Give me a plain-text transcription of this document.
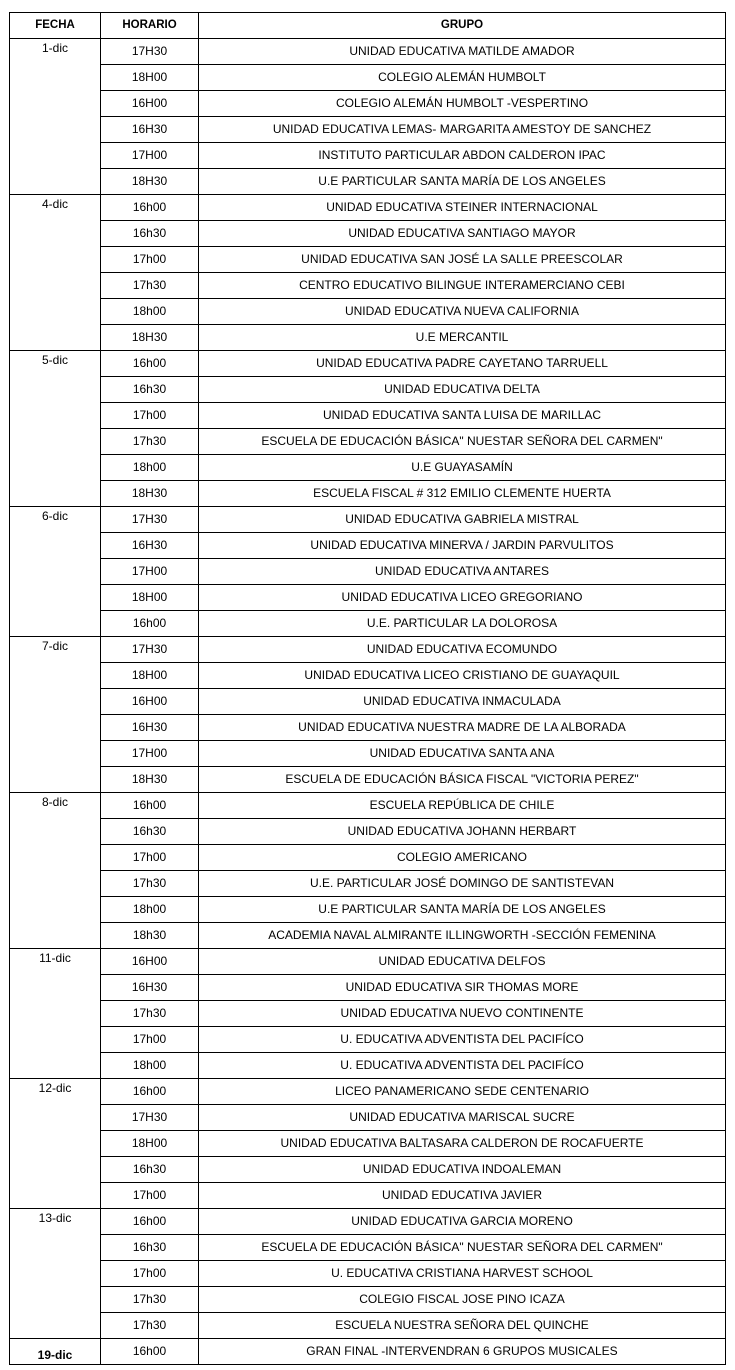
FECHA	HORARIO	GRUPO
1-dic	17H30	UNIDAD EDUCATIVA MATILDE AMADOR
	18H00	COLEGIO ALEMÁN HUMBOLT
	16H00	COLEGIO ALEMÁN HUMBOLT -VESPERTINO
	16H30	UNIDAD EDUCATIVA LEMAS- MARGARITA AMESTOY DE SANCHEZ
	17H00	INSTITUTO PARTICULAR ABDON CALDERON IPAC
	18H30	U.E PARTICULAR SANTA MARÍA DE LOS ANGELES
4-dic	16h00	UNIDAD EDUCATIVA STEINER INTERNACIONAL
	16h30	UNIDAD EDUCATIVA SANTIAGO MAYOR
	17h00	UNIDAD EDUCATIVA SAN JOSÉ LA SALLE PREESCOLAR
	17h30	CENTRO EDUCATIVO BILINGUE INTERAMERCIANO CEBI
	18h00	UNIDAD EDUCATIVA NUEVA CALIFORNIA
	18H30	U.E MERCANTIL
5-dic	16h00	UNIDAD EDUCATIVA PADRE CAYETANO TARRUELL
	16h30	UNIDAD EDUCATIVA DELTA
	17h00	UNIDAD EDUCATIVA SANTA LUISA DE MARILLAC
	17h30	ESCUELA DE EDUCACIÓN BÁSICA" NUESTAR SEÑORA DEL CARMEN"
	18h00	U.E GUAYASAMÍN
	18H30	ESCUELA FISCAL # 312 EMILIO CLEMENTE HUERTA
6-dic	17H30	UNIDAD EDUCATIVA GABRIELA MISTRAL
	16H30	UNIDAD EDUCATIVA MINERVA / JARDIN PARVULITOS
	17H00	UNIDAD EDUCATIVA ANTARES
	18H00	UNIDAD EDUCATIVA LICEO GREGORIANO
	16h00	U.E. PARTICULAR LA DOLOROSA
7-dic	17H30	UNIDAD EDUCATIVA ECOMUNDO
	18H00	UNIDAD EDUCATIVA LICEO CRISTIANO DE GUAYAQUIL
	16H00	UNIDAD EDUCATIVA INMACULADA
	16H30	UNIDAD EDUCATIVA NUESTRA MADRE DE LA ALBORADA
	17H00	UNIDAD EDUCATIVA SANTA ANA
	18H30	ESCUELA DE EDUCACIÓN BÁSICA FISCAL "VICTORIA PEREZ"
8-dic	16h00	ESCUELA REPÚBLICA DE CHILE
	16h30	UNIDAD EDUCATIVA JOHANN HERBART
	17h00	COLEGIO AMERICANO
	17h30	U.E. PARTICULAR JOSÉ DOMINGO DE SANTISTEVAN
	18h00	U.E PARTICULAR SANTA MARÍA DE LOS ANGELES
	18h30	ACADEMIA NAVAL ALMIRANTE ILLINGWORTH -SECCIÓN FEMENINA
11-dic	16H00	UNIDAD EDUCATIVA DELFOS
	16H30	UNIDAD EDUCATIVA SIR THOMAS MORE
	17h30	UNIDAD EDUCATIVA NUEVO CONTINENTE
	17h00	U. EDUCATIVA ADVENTISTA DEL PACIFÍCO
	18h00	U. EDUCATIVA ADVENTISTA DEL PACIFÍCO
12-dic	16h00	LICEO PANAMERICANO SEDE CENTENARIO
	17H30	UNIDAD EDUCATIVA MARISCAL SUCRE
	18H00	UNIDAD EDUCATIVA BALTASARA CALDERON DE ROCAFUERTE
	16h30	UNIDAD EDUCATIVA INDOALEMAN
	17h00	UNIDAD EDUCATIVA JAVIER
13-dic	16h00	UNIDAD EDUCATIVA GARCIA MORENO
	16h30	ESCUELA DE EDUCACIÓN BÁSICA" NUESTAR SEÑORA DEL CARMEN"
	17h00	U. EDUCATIVA CRISTIANA HARVEST SCHOOL
	17h30	COLEGIO FISCAL JOSE PINO ICAZA
	17h30	ESCUELA NUESTRA SEÑORA DEL QUINCHE
19-dic	16h00	GRAN FINAL -INTERVENDRAN 6 GRUPOS MUSICALES
